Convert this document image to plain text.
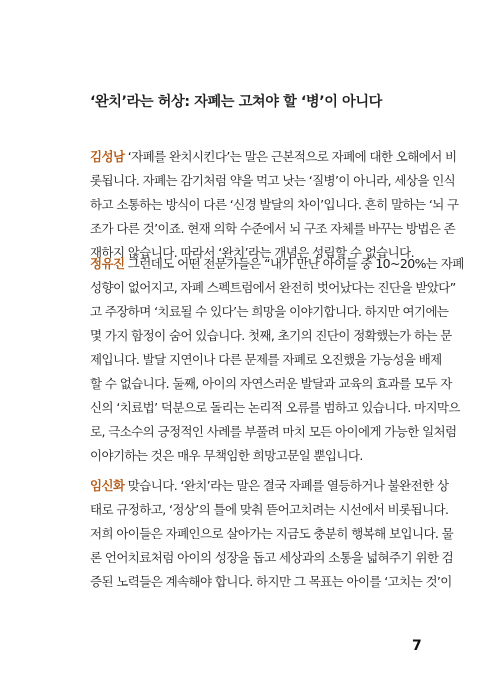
‘완치’라는 허상: 자폐는 고쳐야 할 ‘병’이 아니다
김성남 ‘자폐를 완치시킨다’는 말은 근본적으로 자폐에 대한 오해에서 비
롯됩니다. 자폐는 감기처럼 약을 먹고 낫는 ‘질병’이 아니라, 세상을 인식
하고 소통하는 방식이 다른 ‘신경 발달의 차이’입니다. 흔히 말하는 ‘뇌 구
조가 다른 것’이죠. 현재 의학 수준에서 뇌 구조 자체를 바꾸는 방법은 존
재하지 않습니다. 따라서 ‘완치’라는 개념은 성립할 수 없습니다.
정유진 그런데도 어떤 전문가들은 “내가 만난 아이들 중 10~20%는 자폐
성향이 없어지고, 자폐 스펙트럼에서 완전히 벗어났다는 진단을 받았다”
고 주장하며 ‘치료될 수 있다’는 희망을 이야기합니다. 하지만 여기에는
몇 가지 함정이 숨어 있습니다. 첫째, 초기의 진단이 정확했는가 하는 문
제입니다. 발달 지연이나 다른 문제를 자폐로 오진했을 가능성을 배제
할 수 없습니다. 둘째, 아이의 자연스러운 발달과 교육의 효과를 모두 자
신의 ‘치료법’ 덕분으로 돌리는 논리적 오류를 범하고 있습니다. 마지막으
로, 극소수의 긍정적인 사례를 부풀려 마치 모든 아이에게 가능한 일처럼
이야기하는 것은 매우 무책임한 희망고문일 뿐입니다.
임신화 맞습니다. ‘완치’라는 말은 결국 자폐를 열등하거나 불완전한 상
태로 규정하고, ‘정상’의 틀에 맞춰 뜯어고치려는 시선에서 비롯됩니다.
저희 아이들은 자폐인으로 살아가는 지금도 충분히 행복해 보입니다. 물
론 언어치료처럼 아이의 성장을 돕고 세상과의 소통을 넓혀주기 위한 검
증된 노력들은 계속해야 합니다. 하지만 그 목표는 아이를 ‘고치는 것’이
7
